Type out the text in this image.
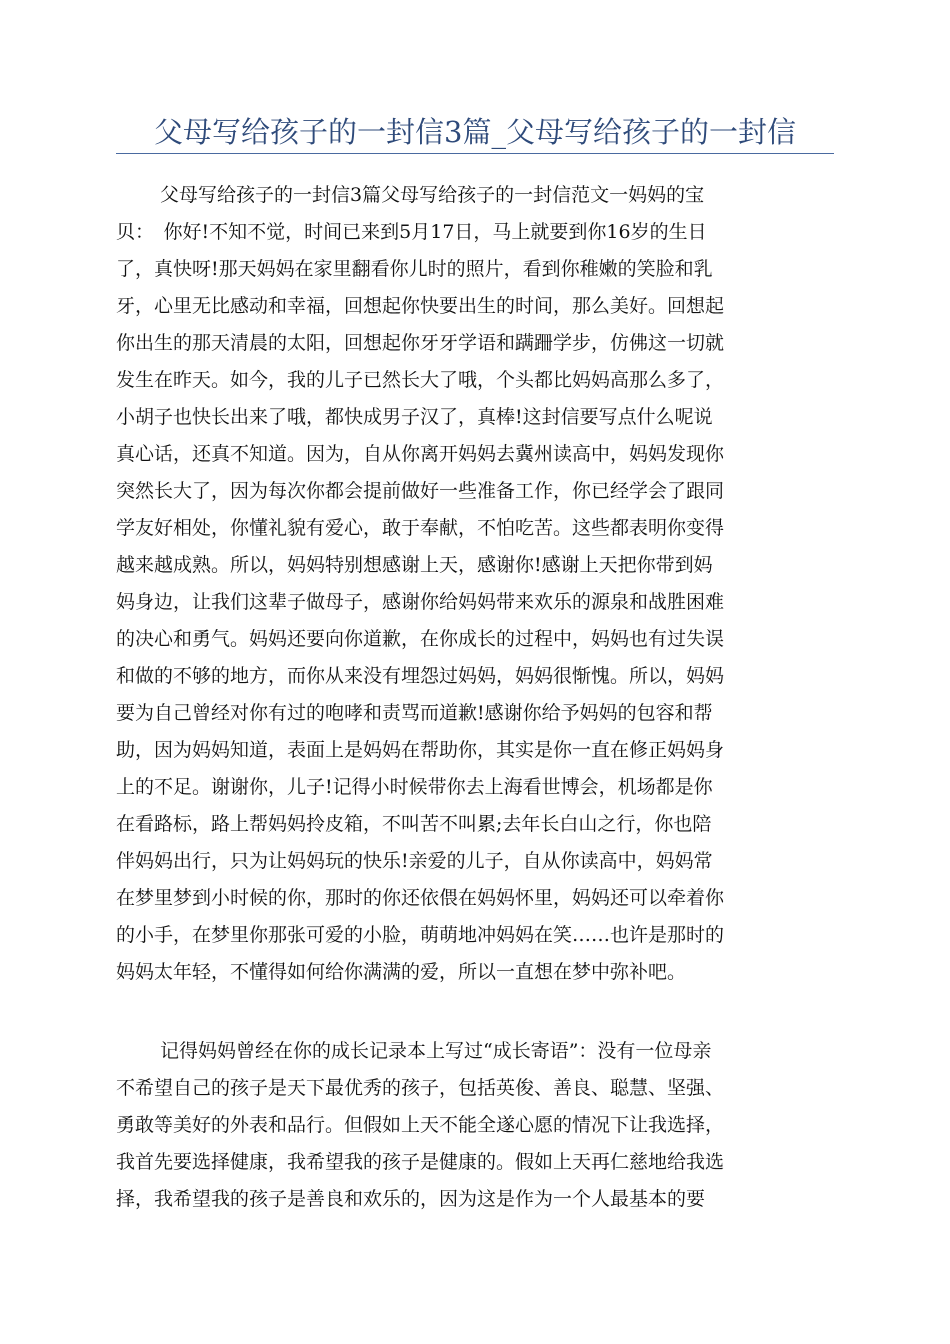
父母写给孩子的一封信3篇_父母写给孩子的一封信
父母写给孩子的一封信3篇父母写给孩子的一封信范文一妈妈的宝
贝：　你好!不知不觉，时间已来到5月17日，马上就要到你16岁的生日
了，真快呀!那天妈妈在家里翻看你儿时的照片，看到你稚嫩的笑脸和乳
牙，心里无比感动和幸福，回想起你快要出生的时间，那么美好。回想起
你出生的那天清晨的太阳，回想起你牙牙学语和蹒跚学步，仿佛这一切就
发生在昨天。如今，我的儿子已然长大了哦，个头都比妈妈高那么多了，
小胡子也快长出来了哦，都快成男子汉了，真棒!这封信要写点什么呢说
真心话，还真不知道。因为，自从你离开妈妈去冀州读高中，妈妈发现你
突然长大了，因为每次你都会提前做好一些准备工作，你已经学会了跟同
学友好相处，你懂礼貌有爱心，敢于奉献，不怕吃苦。这些都表明你变得
越来越成熟。所以，妈妈特别想感谢上天，感谢你!感谢上天把你带到妈
妈身边，让我们这辈子做母子，感谢你给妈妈带来欢乐的源泉和战胜困难
的决心和勇气。妈妈还要向你道歉，在你成长的过程中，妈妈也有过失误
和做的不够的地方，而你从来没有埋怨过妈妈，妈妈很惭愧。所以，妈妈
要为自己曾经对你有过的咆哮和责骂而道歉!感谢你给予妈妈的包容和帮
助，因为妈妈知道，表面上是妈妈在帮助你，其实是你一直在修正妈妈身
上的不足。谢谢你，儿子!记得小时候带你去上海看世博会，机场都是你
在看路标，路上帮妈妈拎皮箱，不叫苦不叫累;去年长白山之行，你也陪
伴妈妈出行，只为让妈妈玩的快乐!亲爱的儿子，自从你读高中，妈妈常
在梦里梦到小时候的你，那时的你还依偎在妈妈怀里，妈妈还可以牵着你
的小手，在梦里你那张可爱的小脸，萌萌地冲妈妈在笑……也许是那时的
妈妈太年轻，不懂得如何给你满满的爱，所以一直想在梦中弥补吧。
记得妈妈曾经在你的成长记录本上写过“成长寄语”：没有一位母亲
不希望自己的孩子是天下最优秀的孩子，包括英俊、善良、聪慧、坚强、
勇敢等美好的外表和品行。但假如上天不能全遂心愿的情况下让我选择，
我首先要选择健康，我希望我的孩子是健康的。假如上天再仁慈地给我选
择，我希望我的孩子是善良和欢乐的，因为这是作为一个人最基本的要
